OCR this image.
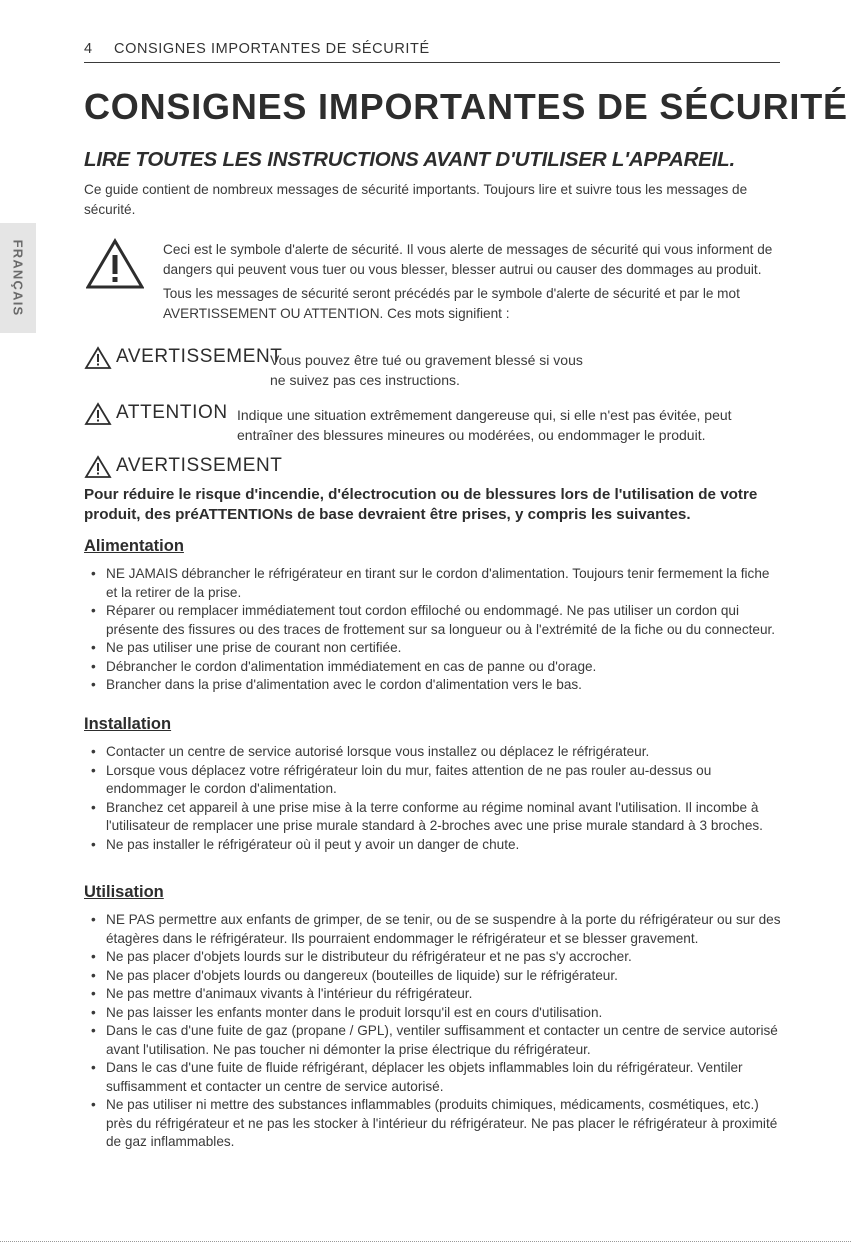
4 CONSIGNES IMPORTANTES DE SÉCURITÉ
CONSIGNES IMPORTANTES DE SÉCURITÉ
LIRE TOUTES LES INSTRUCTIONS AVANT D'UTILISER L'APPAREIL.
Ce guide contient de nombreux messages de sécurité importants. Toujours lire et suivre tous les messages de sécurité.
FRANÇAIS	Ceci est le symbole d'alerte de sécurité. Il vous alerte de messages de sécurité qui vous informent de dangers qui peuvent vous tuer ou vous blesser, blesser autrui ou causer des dommages au produit.

Tous les messages de sécurité seront précédés par le symbole d'alerte de sécurité et par le mot AVERTISSEMENT OU ATTENTION. Ces mots signifient :

AVERTISSEMENT
Vous pouvez être tué ou gravement blessé si vous ne suivez pas ces instructions.
ATTENTION Indique une situation extrêmement dangereuse qui, si elle n'est pas évitée, peut entraîner des blessures mineures ou modérées, ou endommager le produit.
AVERTISSEMENT
Pour réduire le risque d'incendie, d'électrocution ou de blessures lors de l'utilisation de votre produit, des préATTENTIONs de base devraient être prises, y compris les suivantes.
Alimentation
• NE JAMAIS débrancher le réfrigérateur en tirant sur le cordon d'alimentation. Toujours tenir fermement la fiche et la retirer de la prise.
• Réparer ou remplacer immédiatement tout cordon effiloché ou endommagé. Ne pas utiliser un cordon qui présente des fissures ou des traces de frottement sur sa longueur ou à l'extrémité de la fiche ou du connecteur.
• Ne pas utiliser une prise de courant non certifiée.
• Débrancher le cordon d'alimentation immédiatement en cas de panne ou d'orage.
• Brancher dans la prise d'alimentation avec le cordon d'alimentation vers le bas.
Installation
• Contacter un centre de service autorisé lorsque vous installez ou déplacez le réfrigérateur.
• Lorsque vous déplacez votre réfrigérateur loin du mur, faites attention de ne pas rouler au-dessus ou endommager le cordon d'alimentation.
• Branchez cet appareil à une prise mise à la terre conforme au régime nominal avant l'utilisation. Il incombe à l'utilisateur de remplacer une prise murale standard à 2-broches avec une prise murale standard à 3 broches.
• Ne pas installer le réfrigérateur où il peut y avoir un danger de chute.
Utilisation
• NE PAS permettre aux enfants de grimper, de se tenir, ou de se suspendre à la porte du réfrigérateur ou sur des étagères dans le réfrigérateur. Ils pourraient endommager le réfrigérateur et se blesser gravement.
• Ne pas placer d'objets lourds sur le distributeur du réfrigérateur et ne pas s'y accrocher.
• Ne pas placer d'objets lourds ou dangereux (bouteilles de liquide) sur le réfrigérateur.
• Ne pas mettre d'animaux vivants à l'intérieur du réfrigérateur.
• Ne pas laisser les enfants monter dans le produit lorsqu'il est en cours d'utilisation.
• Dans le cas d'une fuite de gaz (propane / GPL), ventiler suffisamment et contacter un centre de service autorisé avant l'utilisation. Ne pas toucher ni démonter la prise électrique du réfrigérateur.
• Dans le cas d'une fuite de fluide réfrigérant, déplacer les objets inflammables loin du réfrigérateur. Ventiler suffisamment et contacter un centre de service autorisé.
• Ne pas utiliser ni mettre des substances inflammables (produits chimiques, médicaments, cosmétiques, etc.) près du réfrigérateur et ne pas les stocker à l'intérieur du réfrigérateur. Ne pas placer le réfrigérateur à proximité de gaz inflammables.
